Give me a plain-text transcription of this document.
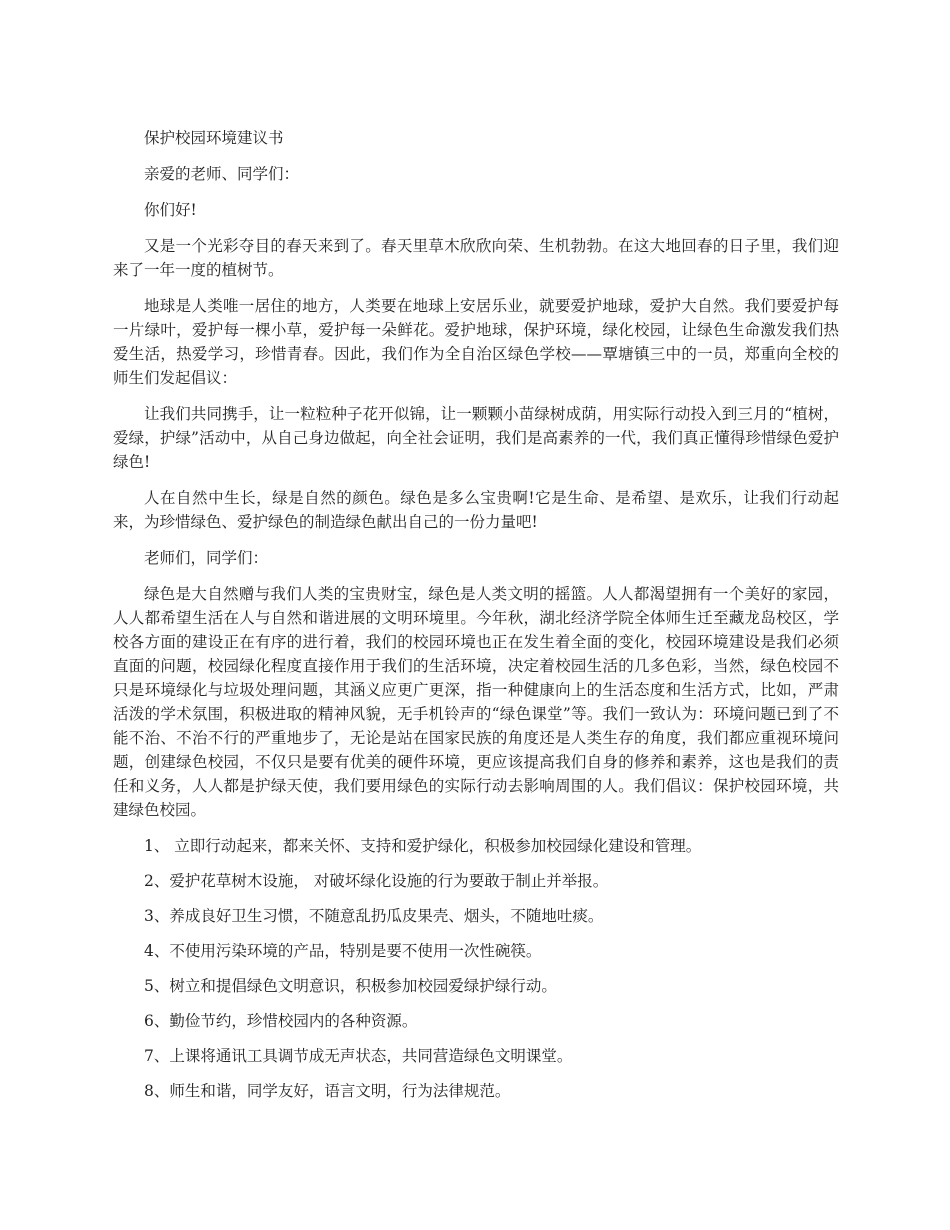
保护校园环境建议书

亲爱的老师、同学们：

你们好!

又是一个光彩夺目的春天来到了。春天里草木欣欣向荣、生机勃勃。在这大地回春的日子里，我们迎来了一年一度的植树节。

地球是人类唯一居住的地方，人类要在地球上安居乐业，就要爱护地球，爱护大自然。我们要爱护每一片绿叶，爱护每一棵小草，爱护每一朵鲜花。爱护地球，保护环境，绿化校园，让绿色生命激发我们热爱生活，热爱学习，珍惜青春。因此，我们作为全自治区绿色学校——覃塘镇三中的一员，郑重向全校的师生们发起倡议：

让我们共同携手，让一粒粒种子花开似锦，让一颗颗小苗绿树成荫，用实际行动投入到三月的“植树，爱绿，护绿”活动中，从自己身边做起，向全社会证明，我们是高素养的一代，我们真正懂得珍惜绿色爱护绿色!

人在自然中生长，绿是自然的颜色。绿色是多么宝贵啊!它是生命、是希望、是欢乐，让我们行动起来，为珍惜绿色、爱护绿色的制造绿色献出自己的一份力量吧!

老师们，同学们：

绿色是大自然赠与我们人类的宝贵财宝，绿色是人类文明的摇篮。人人都渴望拥有一个美好的家园，人人都希望生活在人与自然和谐进展的文明环境里。今年秋，湖北经济学院全体师生迁至藏龙岛校区，学校各方面的建设正在有序的进行着，我们的校园环境也正在发生着全面的变化，校园环境建设是我们必须直面的问题，校园绿化程度直接作用于我们的生活环境，决定着校园生活的几多色彩，当然，绿色校园不只是环境绿化与垃圾处理问题，其涵义应更广更深，指一种健康向上的生活态度和生活方式，比如，严肃活泼的学术氛围，积极进取的精神风貌，无手机铃声的“绿色课堂”等。我们一致认为：环境问题已到了不能不治、不治不行的严重地步了，无论是站在国家民族的角度还是人类生存的角度，我们都应重视环境问题，创建绿色校园，不仅只是要有优美的硬件环境，更应该提高我们自身的修养和素养，这也是我们的责任和义务，人人都是护绿天使，我们要用绿色的实际行动去影响周围的人。我们倡议：保护校园环境，共建绿色校园。

1、 立即行动起来，都来关怀、支持和爱护绿化，积极参加校园绿化建设和管理。
2、爱护花草树木设施， 对破坏绿化设施的行为要敢于制止并举报。
3、养成良好卫生习惯，不随意乱扔瓜皮果壳、烟头，不随地吐痰。
4、不使用污染环境的产品，特别是要不使用一次性碗筷。
5、树立和提倡绿色文明意识，积极参加校园爱绿护绿行动。
6、勤俭节约，珍惜校园内的各种资源。
7、上课将通讯工具调节成无声状态，共同营造绿色文明课堂。
8、师生和谐，同学友好，语言文明，行为法律规范。
